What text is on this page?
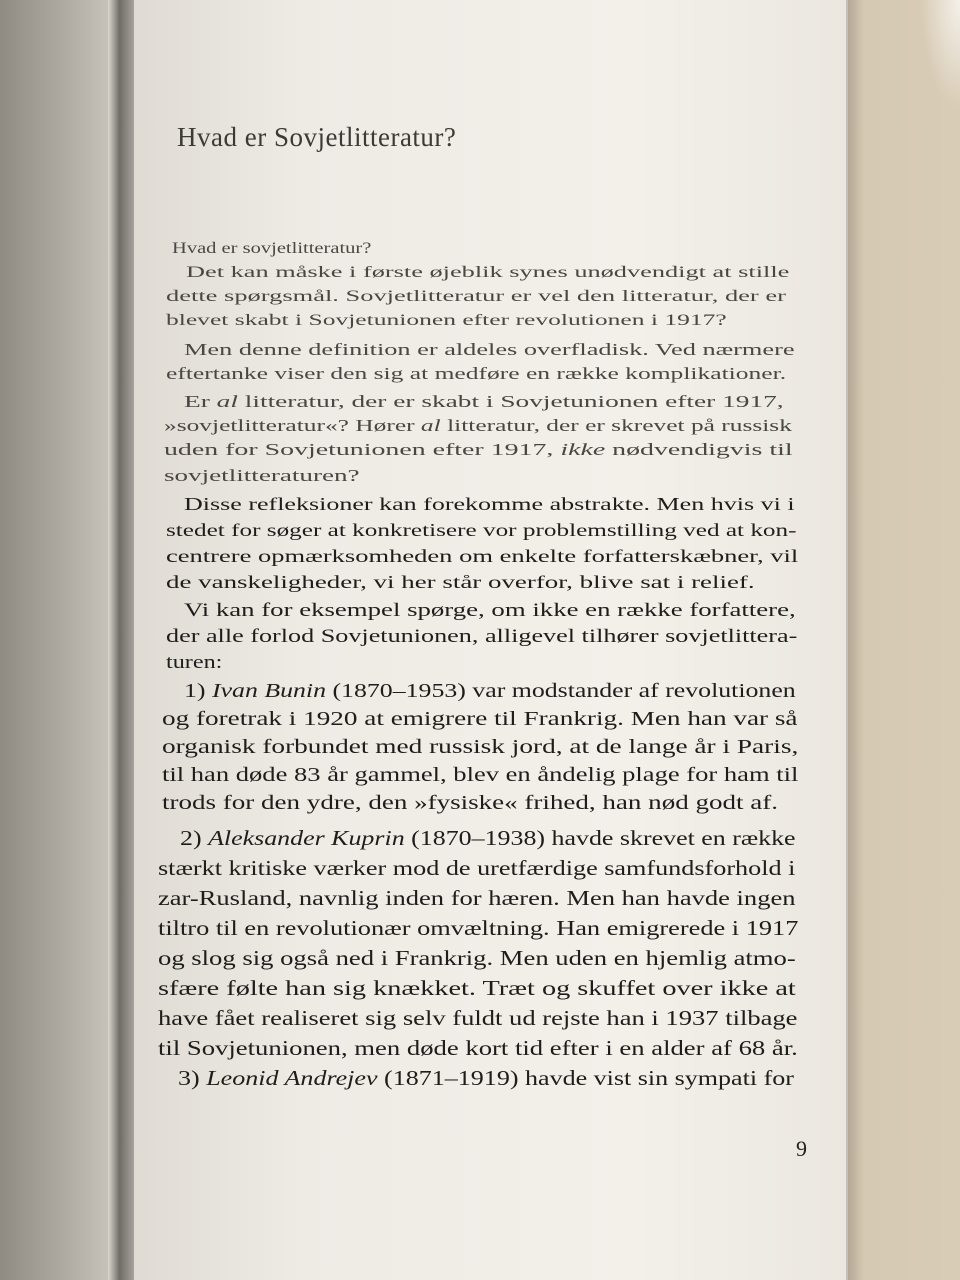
Hvad er Sovjetlitteratur?
Hvad er sovjetlitteratur?
Det kan måske i første øjeblik synes unødvendigt at stille
dette spørgsmål. Sovjetlitteratur er vel den litteratur, der er
blevet skabt i Sovjetunionen efter revolutionen i 1917?
Men denne definition er aldeles overfladisk. Ved nærmere
eftertanke viser den sig at medføre en række komplikationer.
Er al litteratur, der er skabt i Sovjetunionen efter 1917,
»sovjetlitteratur«? Hører al litteratur, der er skrevet på russisk
uden for Sovjetunionen efter 1917, ikke nødvendigvis til
sovjetlitteraturen?
Disse refleksioner kan forekomme abstrakte. Men hvis vi i
stedet for søger at konkretisere vor problemstilling ved at kon-
centrere opmærksomheden om enkelte forfatterskæbner, vil
de vanskeligheder, vi her står overfor, blive sat i relief.
Vi kan for eksempel spørge, om ikke en række forfattere,
der alle forlod Sovjetunionen, alligevel tilhører sovjetlittera-
turen:
1) Ivan Bunin (1870–1953) var modstander af revolutionen
og foretrak i 1920 at emigrere til Frankrig. Men han var så
organisk forbundet med russisk jord, at de lange år i Paris,
til han døde 83 år gammel, blev en åndelig plage for ham til
trods for den ydre, den »fysiske« frihed, han nød godt af.
2) Aleksander Kuprin (1870–1938) havde skrevet en række
stærkt kritiske værker mod de uretfærdige samfundsforhold i
zar-Rusland, navnlig inden for hæren. Men han havde ingen
tiltro til en revolutionær omvæltning. Han emigrerede i 1917
og slog sig også ned i Frankrig. Men uden en hjemlig atmo-
sfære følte han sig knækket. Træt og skuffet over ikke at
have fået realiseret sig selv fuldt ud rejste han i 1937 tilbage
til Sovjetunionen, men døde kort tid efter i en alder af 68 år.
3) Leonid Andrejev (1871–1919) havde vist sin sympati for
9
